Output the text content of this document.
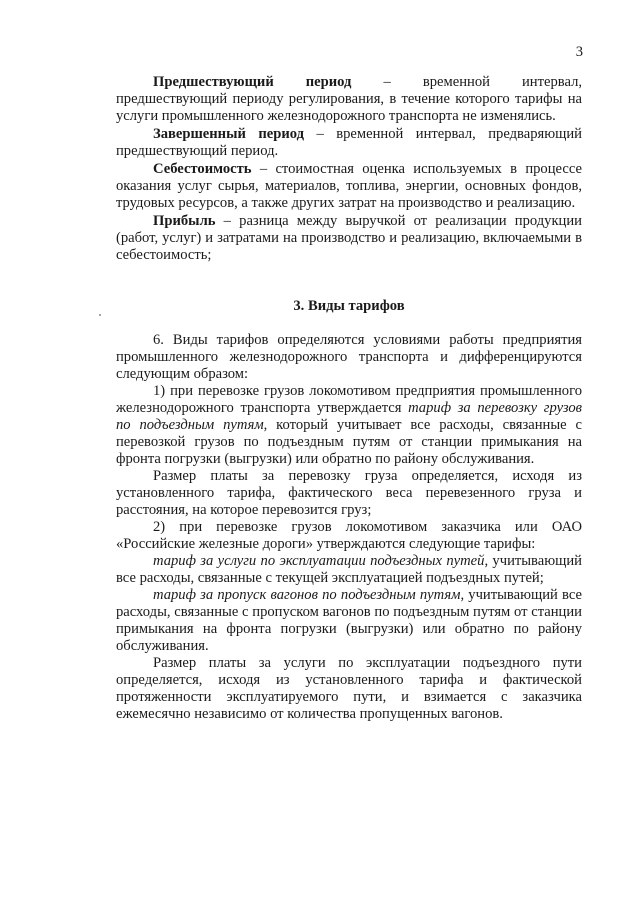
3

Предшествующий период – временной интервал, предшествующий периоду регулирования, в течение которого тарифы на услуги промышленного железнодорожного транспорта не изменялись.

Завершенный период – временной интервал, предваряющий предшествующий период.

Себестоимость – стоимостная оценка используемых в процессе оказания услуг сырья, материалов, топлива, энергии, основных фондов, трудовых ресурсов, а также других затрат на производство и реализацию.

Прибыль – разница между выручкой от реализации продукции (работ, услуг) и затратами на производство и реализацию, включаемыми в себестоимость;

3. Виды тарифов

6. Виды тарифов определяются условиями работы предприятия промышленного железнодорожного транспорта и дифференцируются следующим образом:

1) при перевозке грузов локомотивом предприятия промышленного железнодорожного транспорта утверждается тариф за перевозку грузов по подъездным путям, который учитывает все расходы, связанные с перевозкой грузов по подъездным путям от станции примыкания на фронта погрузки (выгрузки) или обратно по району обслуживания.

Размер платы за перевозку груза определяется, исходя из установленного тарифа, фактического веса перевезенного груза и расстояния, на которое перевозится груз;

2) при перевозке грузов локомотивом заказчика или ОАО «Российские железные дороги» утверждаются следующие тарифы:

тариф за услуги по эксплуатации подъездных путей, учитывающий все расходы, связанные с текущей эксплуатацией подъездных путей;

тариф за пропуск вагонов по подъездным путям, учитывающий все расходы, связанные с пропуском вагонов по подъездным путям от станции примыкания на фронта погрузки (выгрузки) или обратно по району обслуживания.

Размер платы за услуги по эксплуатации подъездного пути определяется, исходя из установленного тарифа и фактической протяженности эксплуатируемого пути, и взимается с заказчика ежемесячно независимо от количества пропущенных вагонов.
